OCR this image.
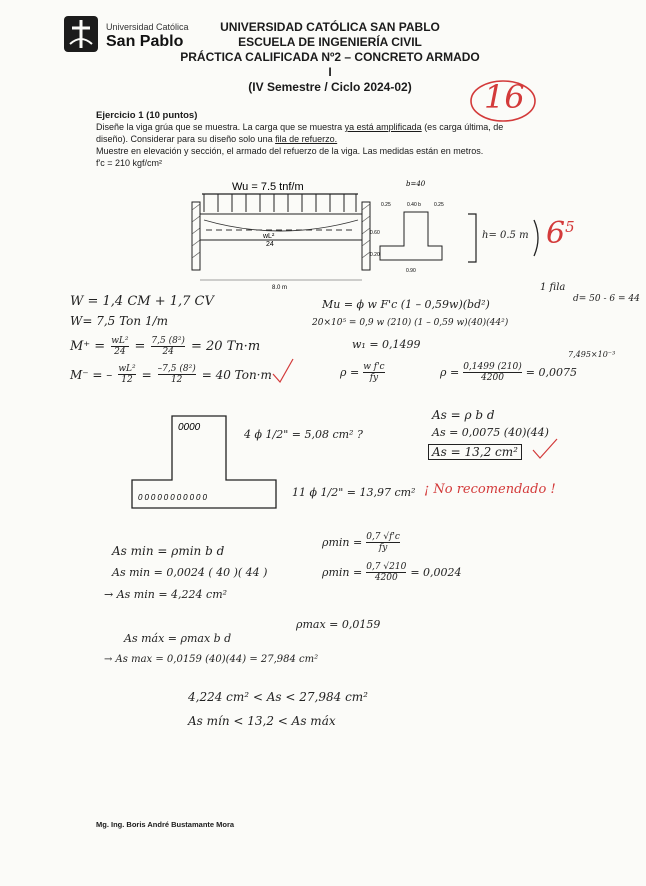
Universidad Católica
San Pablo
UNIVERSIDAD CATÓLICA SAN PABLO
ESCUELA DE INGENIERÍA CIVIL
PRÁCTICA CALIFICADA Nº2 – CONCRETO ARMADO I
(IV Semestre / Ciclo 2024-02)	16
Ejercicio 1 (10 puntos)
Diseñe la viga grúa que se muestra. La carga que se muestra ya está amplificada (es carga última, de
diseño). Considerar para su diseño solo una fila de refuerzo.
Muestre en elevación y sección, el armado del refuerzo de la viga. Las medidas están en metros.
f'c = 210 kgf/cm²
Wu = 7.5 tnf/m
wL²
24
8.0 m
b=40
0.25	0.40 b	0.25
0.60
0.20
0.90
h= 0.5 m $6^5$
1 fila
d= 50 - 6 = 44
W = 1,4 CM + 1,7 CV
W= 7,5 Ton 1/m
$M^+ = \frac{\text{wL²}}{24} = \frac{\text{7,5 (8²)}}{24} = 20$ Tn·m
M⁻ = – $\frac{\text{wL²}}{12} = \frac{\text{–7,5 (8²)}}{12} = 40$ Ton·m
Mu = ϕ w F'c (1 – 0,59w)(bd²)
20×10⁵ = 0,9 w (210) (1 – 0,59 w)(40)(44²)
w₁ = 0,1499
7,495×10⁻³
$\rho = \frac{\text{w f'c}}{fy}$	$\rho = \frac{0,1499 (210)}{4200} = 0,0075$
As = ρ b d
As = 0,0075 (40)(44)
As = 13,2 cm²
0000
00000000000
4 ϕ 1/2" = 5,08 cm² ?
11 ϕ 1/2" = 13,97 cm² ¡ No recomendado !
As min = ρmin b d
As min = 0,0024 ( 40 )( 44 )
→ As min = 4,224 cm²
$\rho\min = \frac{0,7 √f'c}{fy}$
$\rho\min = \frac{0,7 √210}{4200} = 0,0024$
ρmax = 0,0159
As máx = ρmax b d
→ As max = 0,0159 (40)(44) = 27,984 cm²
4,224 cm² < As < 27,984 cm²
As mín < 13,2 < As máx
Mg. Ing. Boris André Bustamante Mora
